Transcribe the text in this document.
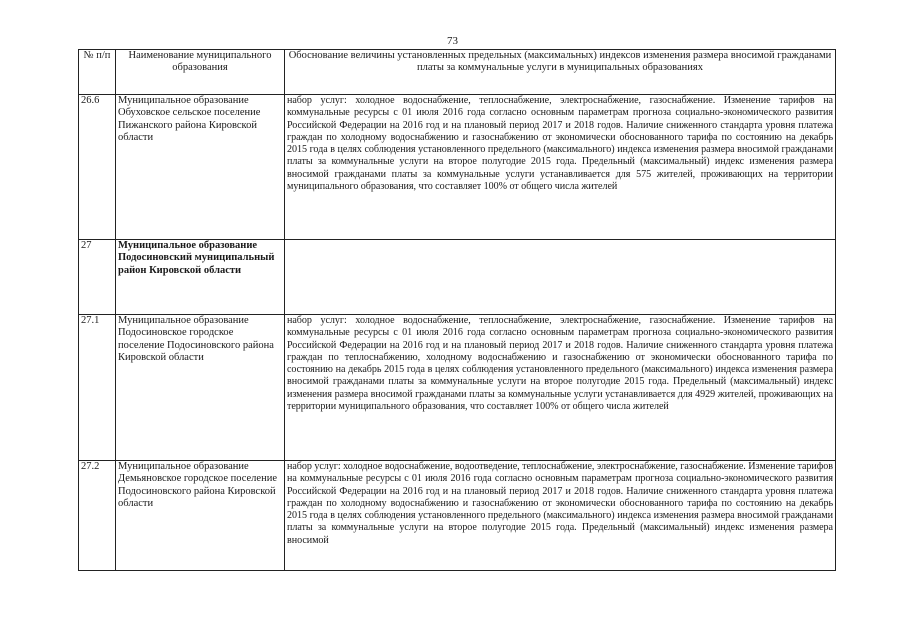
73
№ п/п	Наименование муниципального образования	Обоснование величины установленных предельных (максимальных) индексов изменения размера вносимой гражданами платы за коммунальные услуги в муниципальных образованиях
26.6	Муниципальное образование Обуховское сельское поселение Пижанского района Кировской области	набор услуг: холодное водоснабжение, теплоснабжение, электроснабжение, газоснабжение. Изменение тарифов на коммунальные ресурсы с 01 июля 2016 года согласно основным параметрам прогноза социально-экономического развития Российской Федерации на 2016 год и на плановый период 2017 и 2018 годов. Наличие сниженного стандарта уровня платежа граждан по холодному водоснабжению и газоснабжению от экономически обоснованного тарифа по состоянию на декабрь 2015 года в целях соблюдения установленного предельного (максимального) индекса изменения размера вносимой гражданами платы за коммунальные услуги на второе полугодие 2015 года. Предельный (максимальный) индекс изменения размера вносимой гражданами платы за коммунальные услуги устанавливается для 575 жителей, проживающих на территории муниципального образования, что составляет 100% от общего числа жителей
27	Муниципальное образование Подосиновский муниципальный район Кировской области	
27.1	Муниципальное образование Подосиновское городское поселение Подосиновского района Кировской области	набор услуг: холодное водоснабжение, теплоснабжение, электроснабжение, газоснабжение. Изменение тарифов на коммунальные ресурсы с 01 июля 2016 года согласно основным параметрам прогноза социально-экономического развития Российской Федерации на 2016 год и на плановый период 2017 и 2018 годов. Наличие сниженного стандарта уровня платежа граждан по теплоснабжению, холодному водоснабжению и газоснабжению от экономически обоснованного тарифа по состоянию на декабрь 2015 года в целях соблюдения установленного предельного (максимального) индекса изменения размера вносимой гражданами платы за коммунальные услуги на второе полугодие 2015 года. Предельный (максимальный) индекс изменения размера вносимой гражданами платы за коммунальные услуги устанавливается для 4929 жителей, проживающих на территории муниципального образования, что составляет 100% от общего числа жителей
27.2	Муниципальное образование Демьяновское городское поселение Подосиновского района Кировской области	набор услуг: холодное водоснабжение, водоотведение, теплоснабжение, электроснабжение, газоснабжение. Изменение тарифов на коммунальные ресурсы с 01 июля 2016 года согласно основным параметрам прогноза социально-экономического развития Российской Федерации на 2016 год и на плановый период 2017 и 2018 годов. Наличие сниженного стандарта уровня платежа граждан по холодному водоснабжению и газоснабжению от экономически обоснованного тарифа по состоянию на декабрь 2015 года в целях соблюдения установленного предельного (максимального) индекса изменения размера вносимой гражданами платы за коммунальные услуги на второе полугодие 2015 года. Предельный (максимальный) индекс изменения размера вносимой
